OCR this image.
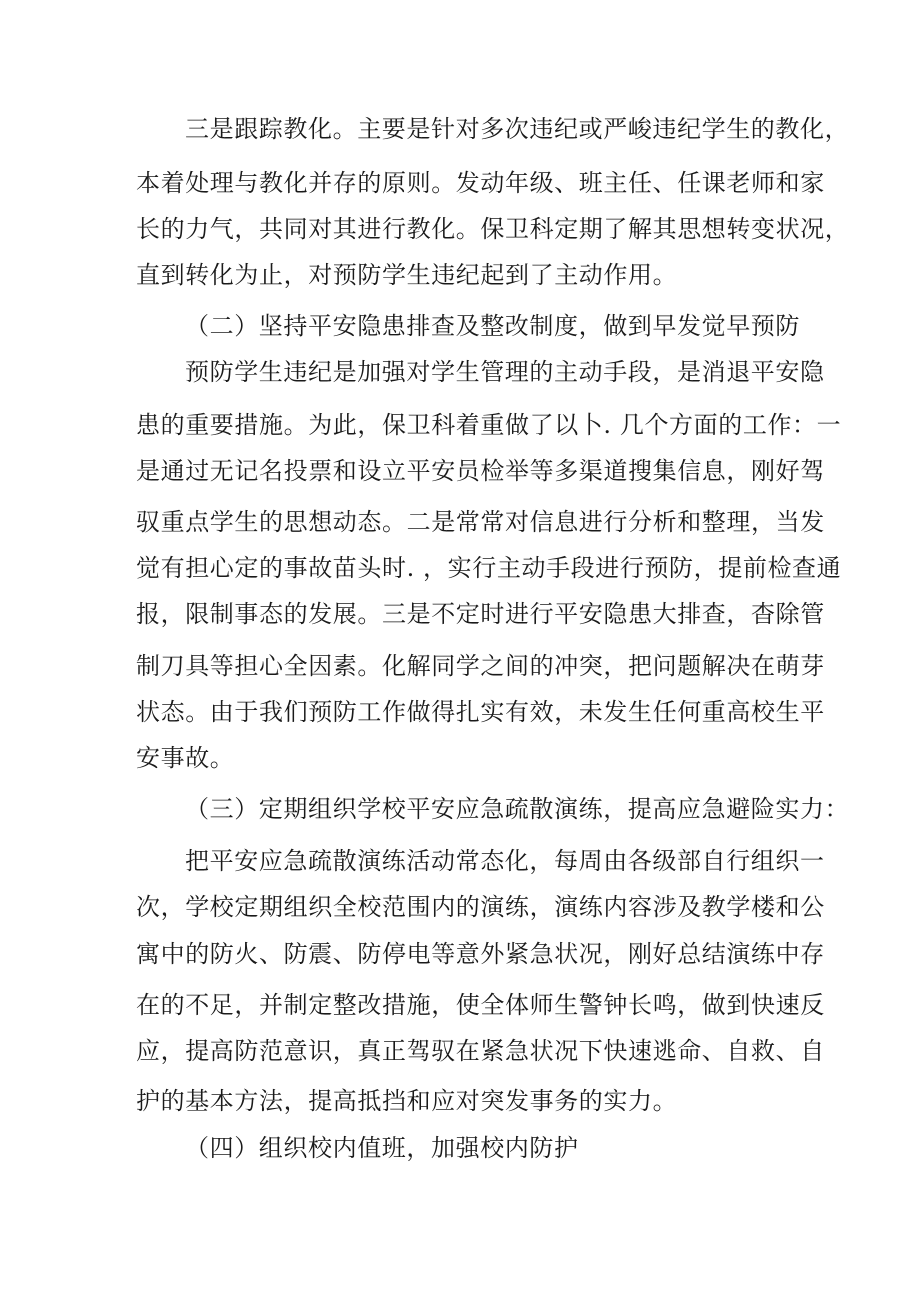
三是跟踪教化。主要是针对多次违纪或严峻违纪学生的教化，

本着处理与教化并存的原则。发动年级、班主任、任课老师和家

长的力气，共同对其进行教化。保卫科定期了解其思想转变状况，

直到转化为止，对预防学生违纪起到了主动作用。

（二）坚持平安隐患排查及整改制度，做到早发觉早预防

预防学生违纪是加强对学生管理的主动手段，是消退平安隐

患的重要措施。为此，保卫科着重做了以卜. 几个方面的工作：一

是通过无记名投票和设立平安员检举等多渠道搜集信息，刚好驾

驭重点学生的思想动态。二是常常对信息进行分析和整理，当发

觉有担心定的事故苗头时. ，实行主动手段进行预防，提前检查通

报，限制事态的发展。三是不定时进行平安隐患大排查，杳除管

制刀具等担心全因素。化解同学之间的冲突，把问题解决在萌芽

状态。由于我们预防工作做得扎实有效，未发生任何重高校生平

安事故。

（三）定期组织学校平安应急疏散演练，提高应急避险实力：

把平安应急疏散演练活动常态化，每周由各级部自行组织一

次，学校定期组织全校范围内的演练，演练内容涉及教学楼和公

寓中的防火、防震、防停电等意外紧急状况，刚好总结演练中存

在的不足，并制定整改措施，使全体师生警钟长鸣，做到快速反

应，提高防范意识，真正驾驭在紧急状况下快速逃命、自救、自

护的基本方法，提高抵挡和应对突发事务的实力。

（四）组织校内值班，加强校内防护
